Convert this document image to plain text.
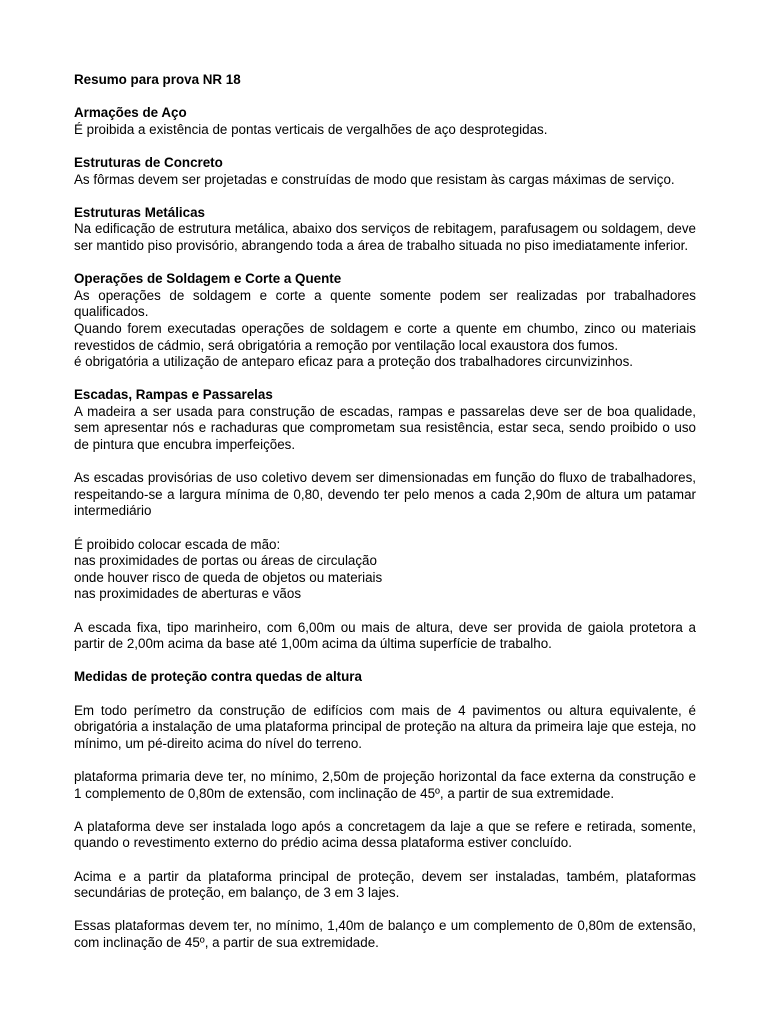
Resumo para prova NR 18

Armações de Aço

É proibida a existência de pontas verticais de vergalhões de aço desprotegidas.

Estruturas de Concreto

As fôrmas devem ser projetadas e construídas de modo que resistam às cargas máximas de serviço.

Estruturas Metálicas

Na edificação de estrutura metálica, abaixo dos serviços de rebitagem, parafusagem ou soldagem, deve ser mantido piso provisório, abrangendo toda a área de trabalho situada no piso imediatamente inferior.

Operações de Soldagem e Corte a Quente

As operações de soldagem e corte a quente somente podem ser realizadas por trabalhadores qualificados.

Quando forem executadas operações de soldagem e corte a quente em chumbo, zinco ou materiais revestidos de cádmio, será obrigatória a remoção por ventilação local exaustora dos fumos.

é obrigatória a utilização de anteparo eficaz para a proteção dos trabalhadores circunvizinhos.

Escadas, Rampas e Passarelas

A madeira a ser usada para construção de escadas, rampas e passarelas deve ser de boa qualidade, sem apresentar nós e rachaduras que comprometam sua resistência, estar seca, sendo proibido o uso de pintura que encubra imperfeições.

As escadas provisórias de uso coletivo devem ser dimensionadas em função do fluxo de trabalhadores, respeitando-se a largura mínima de 0,80, devendo ter pelo menos a cada 2,90m de altura um patamar intermediário

É proibido colocar escada de mão:

nas proximidades de portas ou áreas de circulação

onde houver risco de queda de objetos ou materiais

nas proximidades de aberturas e vãos

A escada fixa, tipo marinheiro, com 6,00m ou mais de altura, deve ser provida de gaiola protetora a partir de 2,00m acima da base até 1,00m acima da última superfície de trabalho.

Medidas de proteção contra quedas de altura

Em todo perímetro da construção de edifícios com mais de 4 pavimentos ou altura equivalente, é obrigatória a instalação de uma plataforma principal de proteção na altura da primeira laje que esteja, no mínimo, um pé-direito acima do nível do terreno.

plataforma primaria deve ter, no mínimo, 2,50m de projeção horizontal da face externa da construção e 1 complemento de 0,80m de extensão, com inclinação de 45º, a partir de sua extremidade.

A plataforma deve ser instalada logo após a concretagem da laje a que se refere e retirada, somente, quando o revestimento externo do prédio acima dessa plataforma estiver concluído.

Acima e a partir da plataforma principal de proteção, devem ser instaladas, também, plataformas secundárias de proteção, em balanço, de 3 em 3 lajes.

Essas plataformas devem ter, no mínimo, 1,40m de balanço e um complemento de 0,80m de extensão, com inclinação de 45º, a partir de sua extremidade.
